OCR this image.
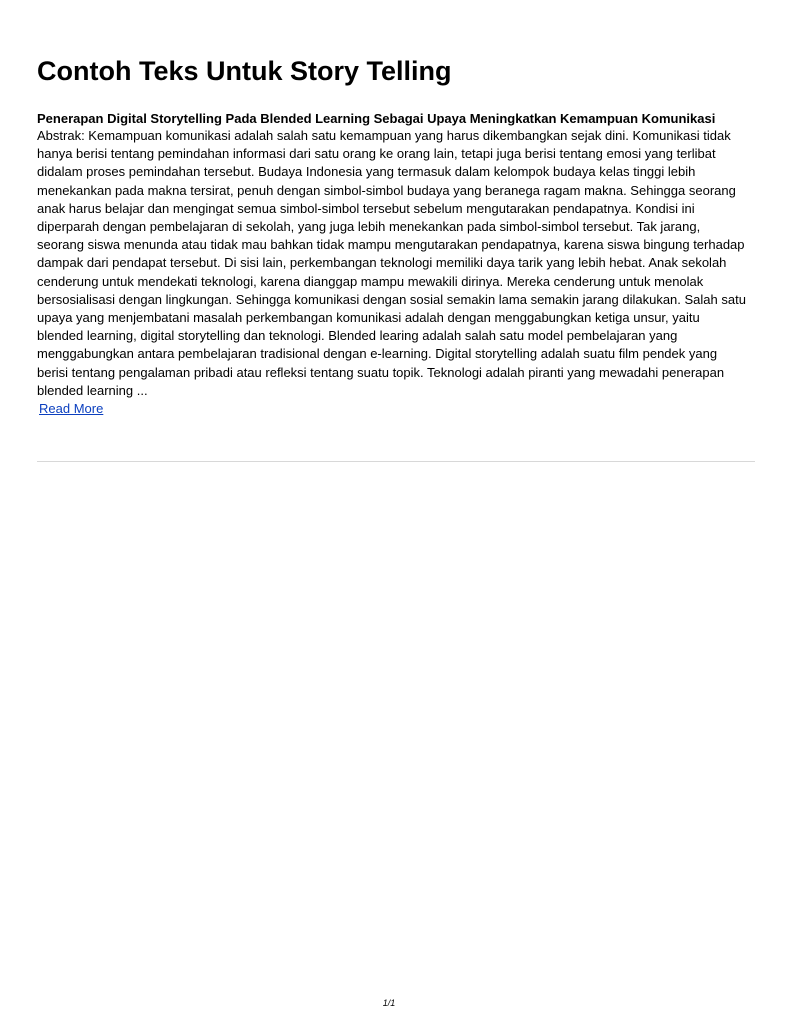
Contoh Teks Untuk Story Telling
Penerapan Digital Storytelling Pada Blended Learning Sebagai Upaya Meningkatkan Kemampuan Komunikasi

Abstrak: Kemampuan komunikasi adalah salah satu kemampuan yang harus dikembangkan sejak dini. Komunikasi tidak hanya berisi tentang pemindahan informasi dari satu orang ke orang lain, tetapi juga berisi tentang emosi yang terlibat didalam proses pemindahan tersebut. Budaya Indonesia yang termasuk dalam kelompok budaya kelas tinggi lebih menekankan pada makna tersirat, penuh dengan simbol-simbol budaya yang beranega ragam makna. Sehingga seorang anak harus belajar dan mengingat semua simbol-simbol tersebut sebelum mengutarakan pendapatnya. Kondisi ini diperparah dengan pembelajaran di sekolah, yang juga lebih menekankan pada simbol-simbol tersebut. Tak jarang, seorang siswa menunda atau tidak mau bahkan tidak mampu mengutarakan pendapatnya, karena siswa bingung terhadap dampak dari pendapat tersebut. Di sisi lain, perkembangan teknologi memiliki daya tarik yang lebih hebat. Anak sekolah cenderung untuk mendekati teknologi, karena dianggap mampu mewakili dirinya. Mereka cenderung untuk menolak bersosialisasi dengan lingkungan. Sehingga komunikasi dengan sosial semakin lama semakin jarang dilakukan. Salah satu upaya yang menjembatani masalah perkembangan komunikasi adalah dengan menggabungkan ketiga unsur, yaitu blended learning, digital storytelling dan teknologi. Blended learing adalah salah satu model pembelajaran yang menggabungkan antara pembelajaran tradisional dengan e-learning. Digital storytelling adalah suatu film pendek yang berisi tentang pengalaman pribadi atau refleksi tentang suatu topik. Teknologi adalah piranti yang mewadahi penerapan blended learning ...

Read More
1/1
